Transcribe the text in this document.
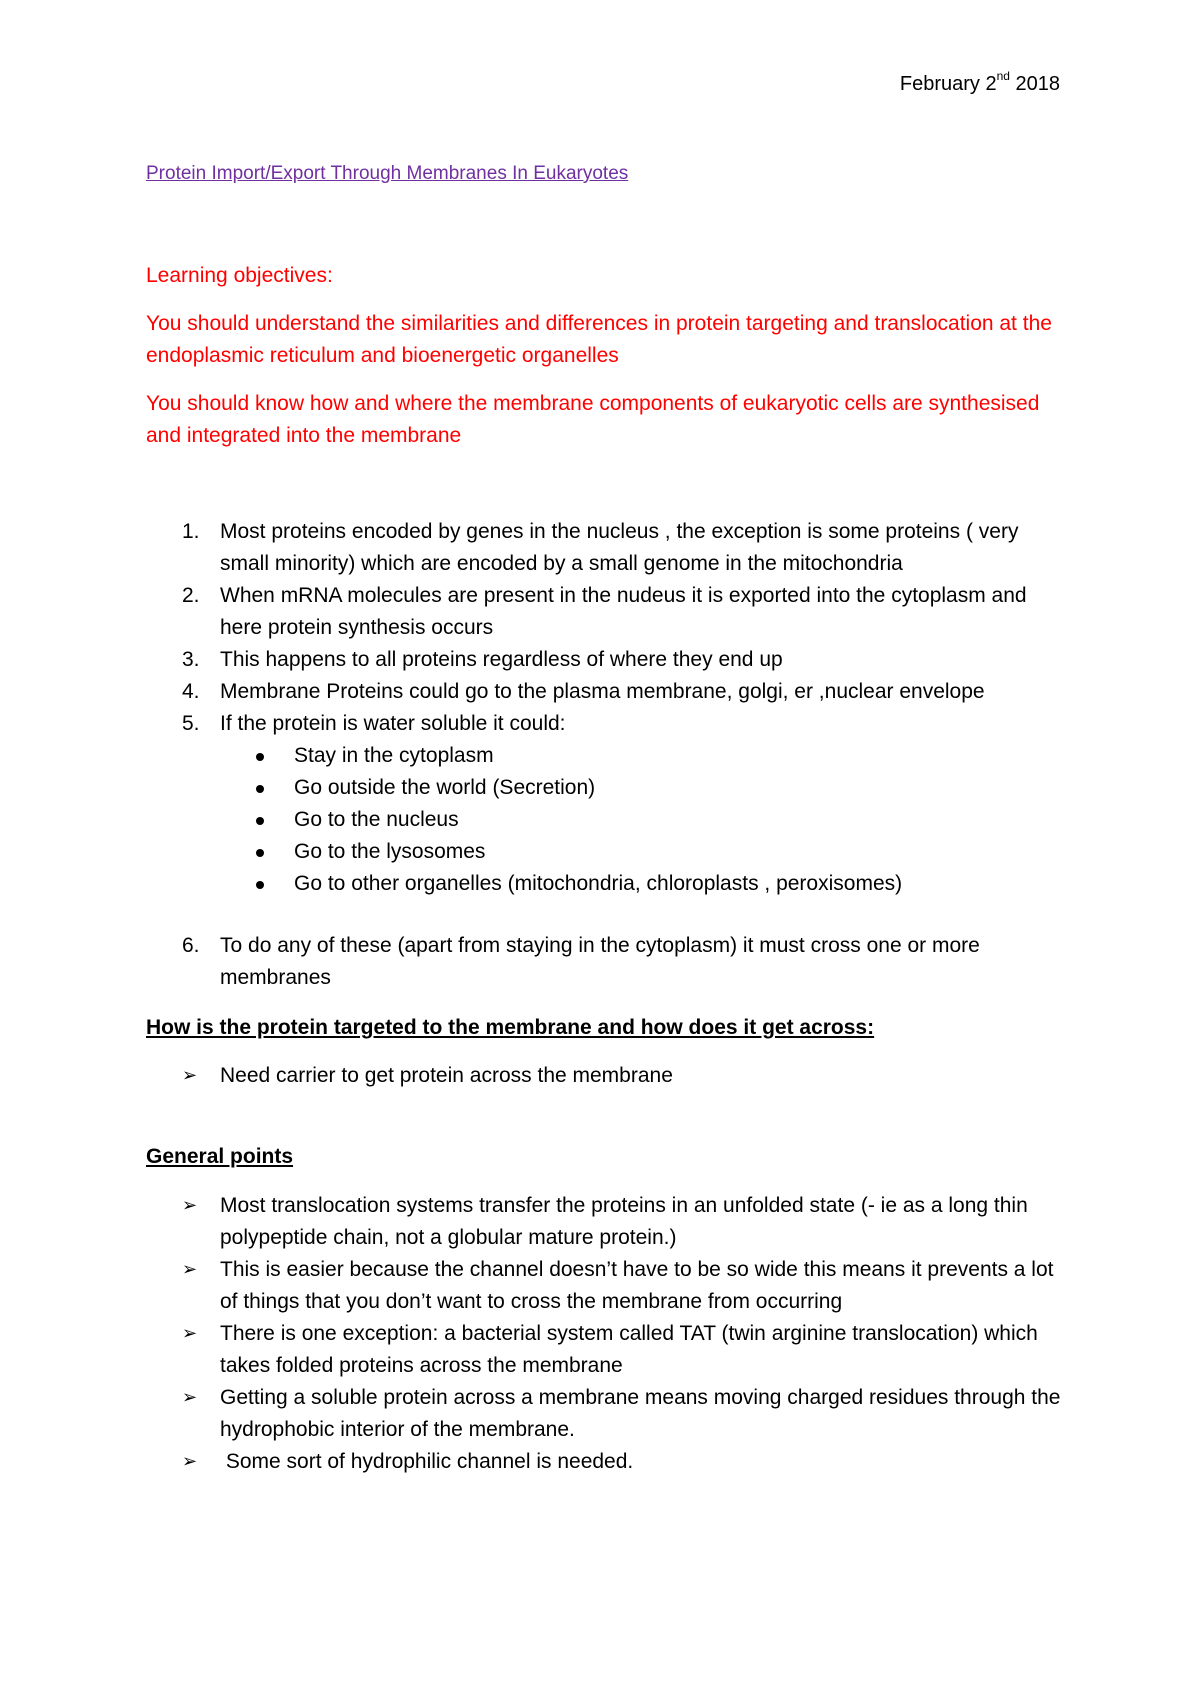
February 2nd 2018
Protein Import/Export Through Membranes In Eukaryotes

Learning objectives:

You should understand the similarities and differences in protein targeting and translocation at the endoplasmic reticulum and bioenergetic organelles

You should know how and where the membrane components of eukaryotic cells are synthesised and integrated into the membrane

1. Most proteins encoded by genes in the nucleus , the exception is some proteins ( very small minority) which are encoded by a small genome in the mitochondria
2. When mRNA molecules are present in the nudeus it is exported into the cytoplasm and here protein synthesis occurs
3. This happens to all proteins regardless of where they end up
4. Membrane Proteins could go to the plasma membrane, golgi, er ,nuclear envelope
5. If the protein is water soluble it could:
Stay in the cytoplasm
Go outside the world (Secretion)
Go to the nucleus
Go to the lysosomes
Go to other organelles (mitochondria, chloroplasts , peroxisomes)
6. To do any of these (apart from staying in the cytoplasm) it must cross one or more membranes
How is the protein targeted to the membrane and how does it get across:
➢ Need carrier to get protein across the membrane
General points
➢ Most translocation systems transfer the proteins in an unfolded state (- ie as a long thin polypeptide chain, not a globular mature protein.)
➢ This is easier because the channel doesn’t have to be so wide this means it prevents a lot of things that you don’t want to cross the membrane from occurring
➢ There is one exception: a bacterial system called TAT (twin arginine translocation) which takes folded proteins across the membrane
➢ Getting a soluble protein across a membrane means moving charged residues through the hydrophobic interior of the membrane.
➢ Some sort of hydrophilic channel is needed.
